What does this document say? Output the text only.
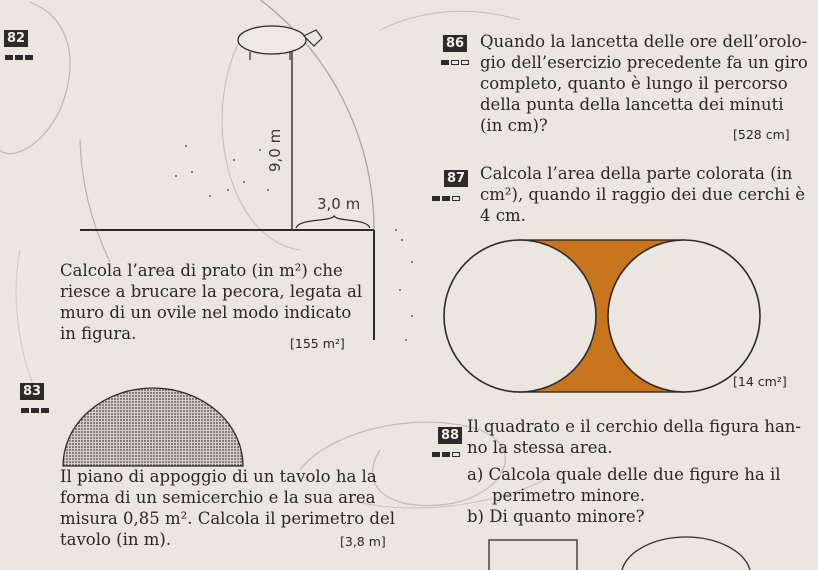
82
9,0 m
3,0 m
Calcola l’area di prato (in m²) che
riesce a brucare la pecora, legata al
muro di un ovile nel modo indicato
in figura.
[155 m²]
83
Il piano di appoggio di un tavolo ha la
forma di un semicerchio e la sua area
misura 0,85 m². Calcola il perimetro del
tavolo (in m).	[3,8 m]
86 Quando la lancetta delle ore dell’orolo-
gio dell’esercizio precedente fa un giro
completo, quanto è lungo il percorso
della punta della lancetta dei minuti
(in cm)?	[528 cm]
87 Calcola l’area della parte colorata (in
cm²), quando il raggio dei due cerchi è
4 cm.
[14 cm²]
88 Il quadrato e il cerchio della figura han-
no la stessa area.
a) Calcola quale delle due figure ha il
perimetro minore.
b) Di quanto minore?
